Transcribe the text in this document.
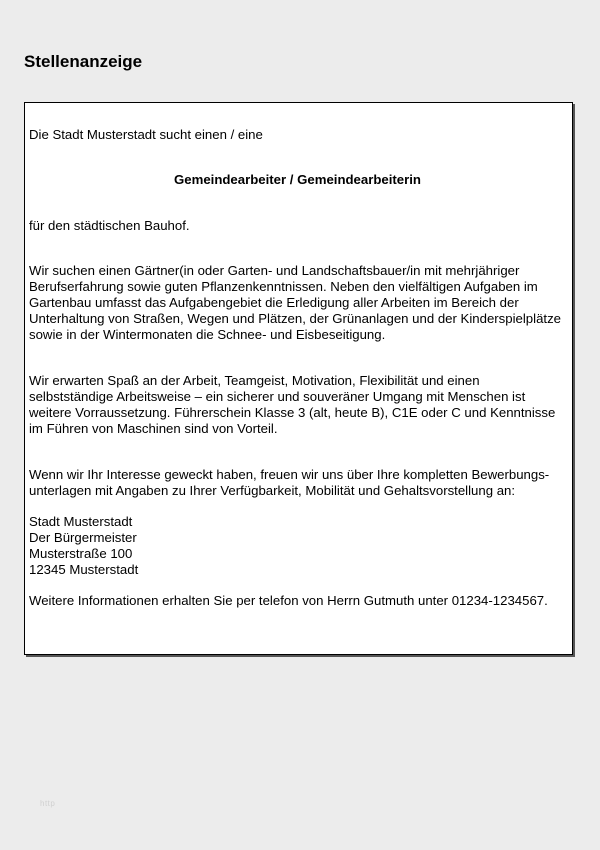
Stellenanzeige

Die Stadt Musterstadt sucht einen / eine

Gemeindearbeiter / Gemeindearbeiterin

für den städtischen Bauhof.

Wir suchen einen Gärtner(in oder Garten- und Landschaftsbauer/in mit mehrjähriger Berufserfahrung sowie guten Pflanzenkenntnissen. Neben den vielfältigen Aufgaben im Gartenbau umfasst das Aufgabengebiet die Erledigung aller Arbeiten im Bereich der Unterhaltung von Straßen, Wegen und Plätzen, der Grünanlagen und der Kinderspielplätze sowie in der Wintermonaten die Schnee- und Eisbeseitigung.

Wir erwarten Spaß an der Arbeit, Teamgeist, Motivation, Flexibilität und einen selbstständige Arbeitsweise – ein sicherer und souveräner Umgang mit Menschen ist weitere Vorraussetzung. Führerschein Klasse 3 (alt, heute B), C1E oder C und Kenntnisse im Führen von Maschinen sind von Vorteil.

Wenn wir Ihr Interesse geweckt haben, freuen wir uns über Ihre kompletten Bewerbungs-unterlagen mit Angaben zu Ihrer Verfügbarkeit, Mobilität und Gehaltsvorstellung an:

Stadt Musterstadt
Der Bürgermeister
Musterstraße 100
12345 Musterstadt

Weitere Informationen erhalten Sie per telefon von Herrn Gutmuth unter 01234-1234567.

http
